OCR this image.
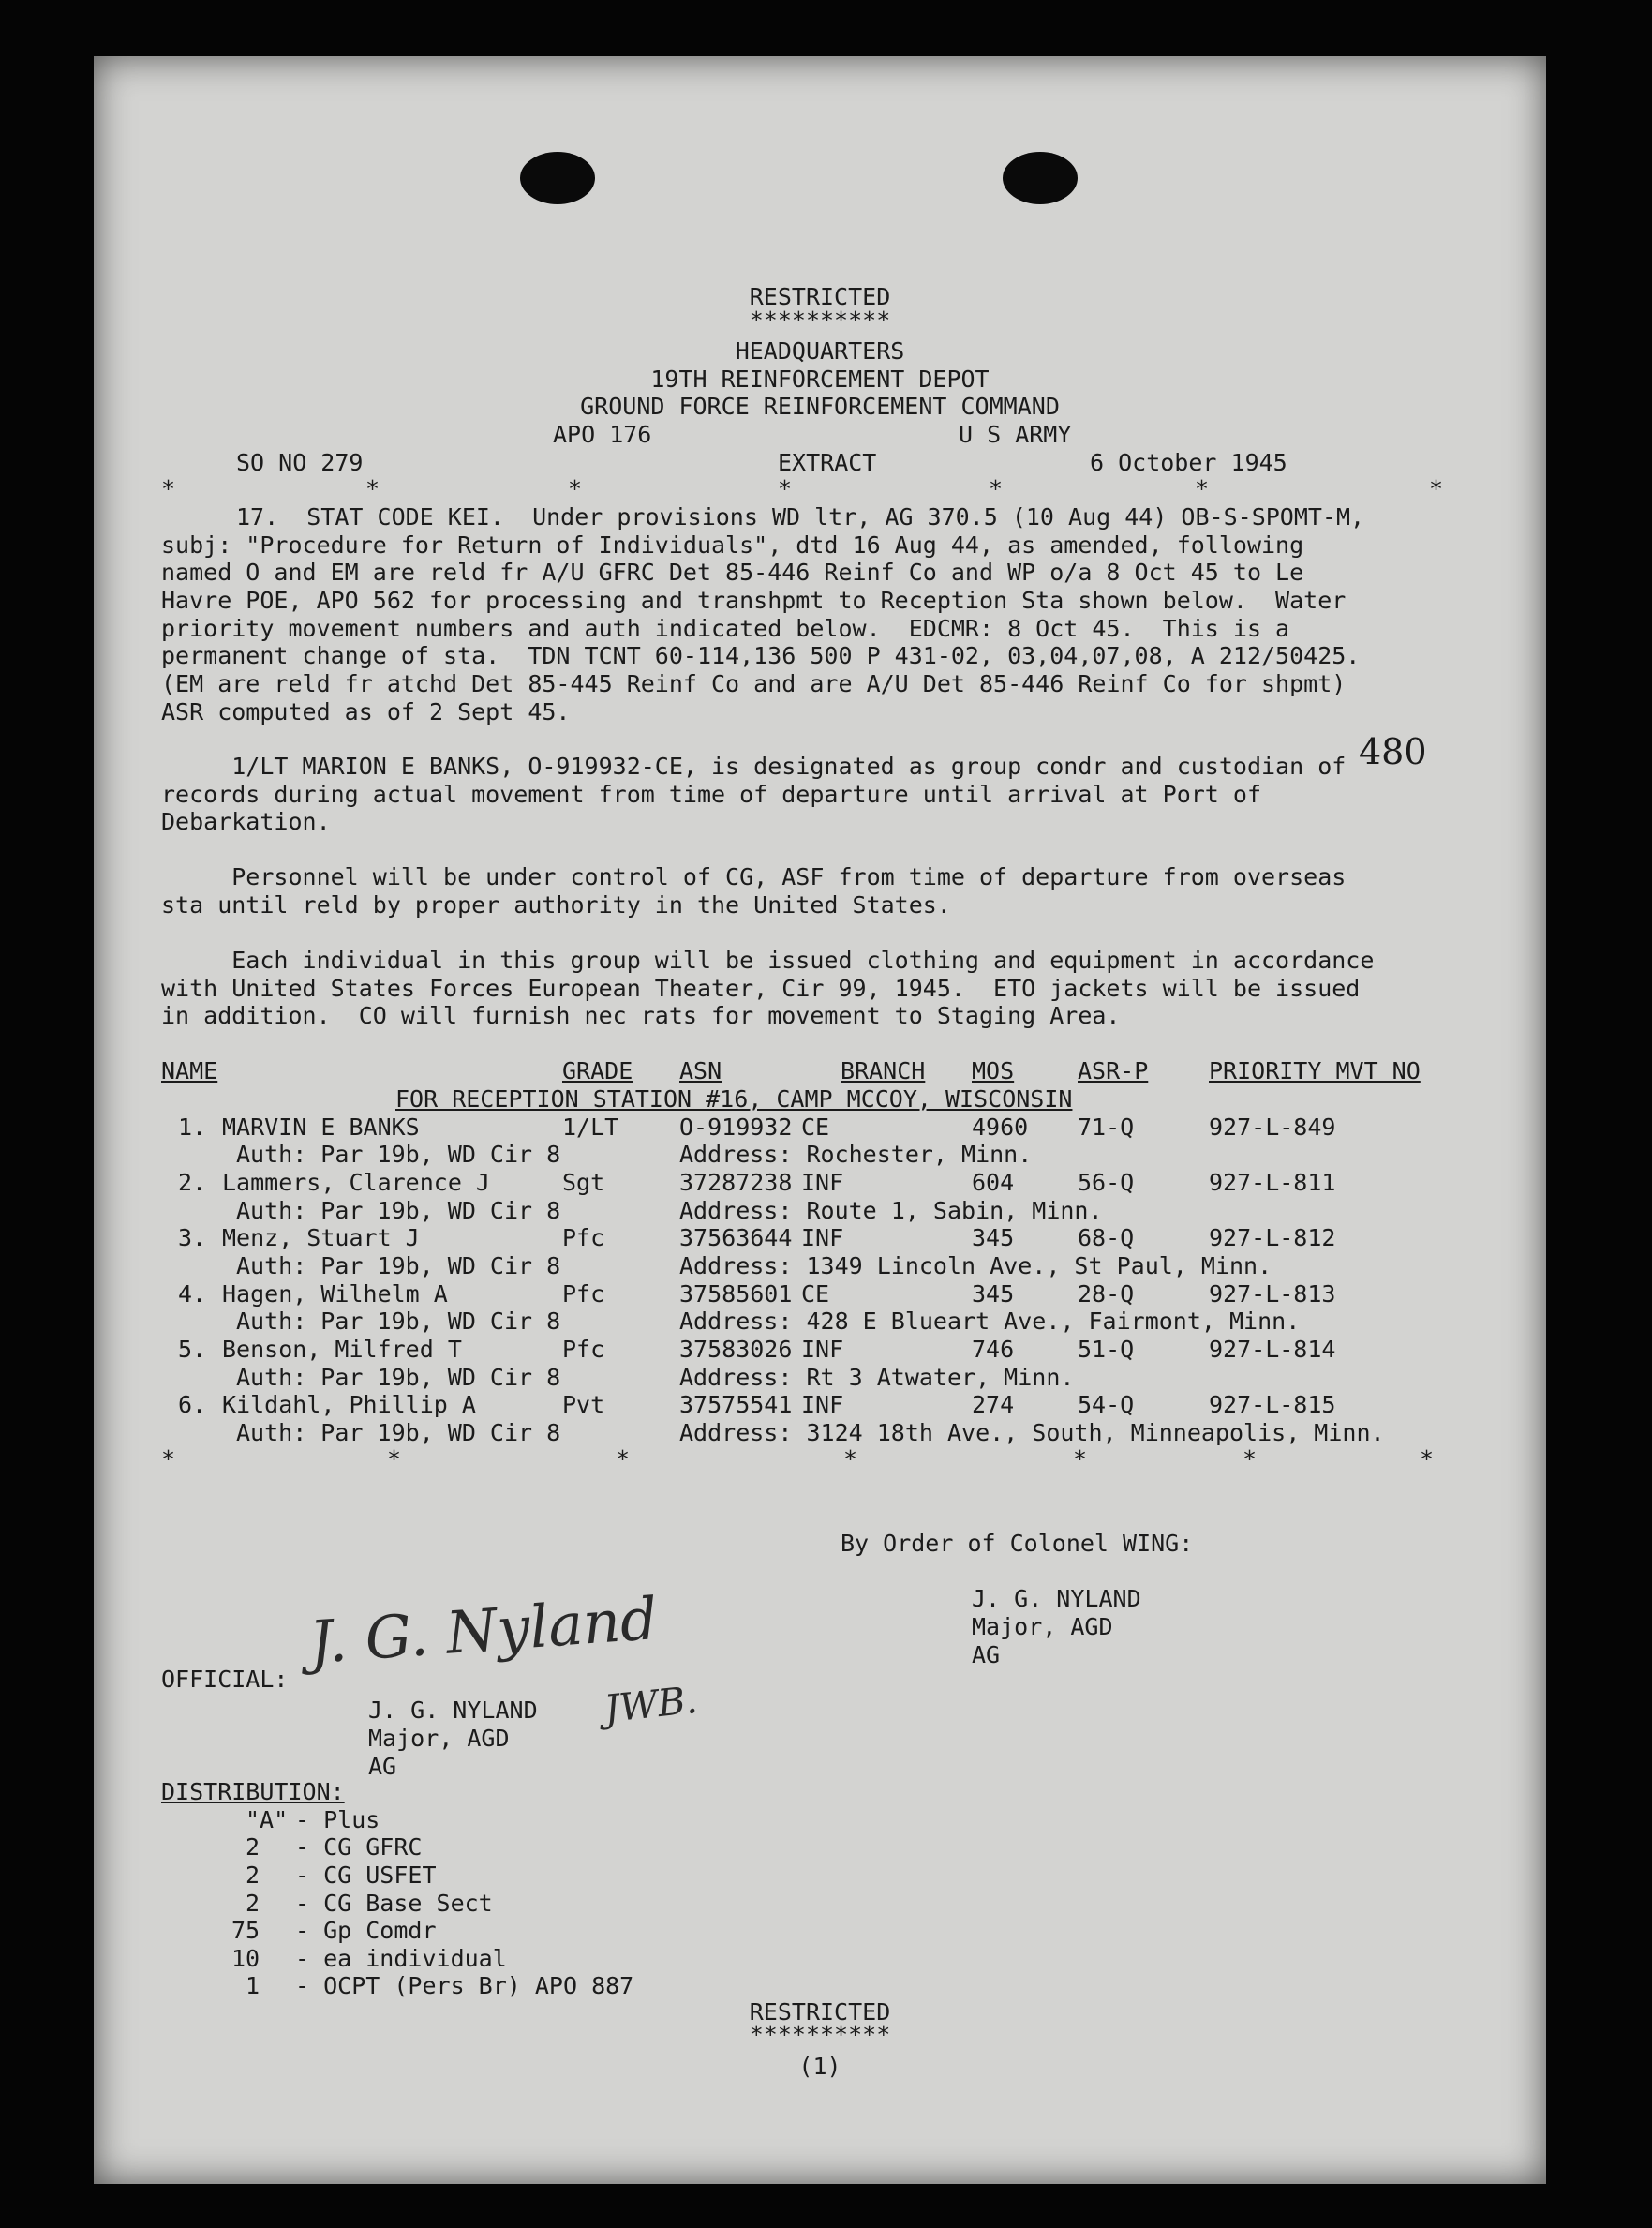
RESTRICTED
**********
HEADQUARTERS
19TH REINFORCEMENT DEPOT
GROUND FORCE REINFORCEMENT COMMAND
APO 176	U S ARMY
SO NO 279	EXTRACT	6 October 1945
*	*	*	*	*	*	*
17.  STAT CODE KEI.  Under provisions WD ltr, AG 370.5 (10 Aug 44) OB-S-SPOMT-M,
subj: "Procedure for Return of Individuals", dtd 16 Aug 44, as amended, following
named O and EM are reld fr A/U GFRC Det 85-446 Reinf Co and WP o/a 8 Oct 45 to Le
Havre POE, APO 562 for processing and transhpmt to Reception Sta shown below.  Water
priority movement numbers and auth indicated below.  EDCMR: 8 Oct 45.  This is a
permanent change of sta.  TDN TCNT 60-114,136 500 P 431-02, 03,04,07,08, A 212/50425.
(EM are reld fr atchd Det 85-445 Reinf Co and are A/U Det 85-446 Reinf Co for shpmt)
ASR computed as of 2 Sept 45.
1/LT MARION E BANKS, O-919932-CE, is designated as group condr and custodian of
records during actual movement from time of departure until arrival at Port of
Debarkation.
480
Personnel will be under control of CG, ASF from time of departure from overseas
sta until reld by proper authority in the United States.
Each individual in this group will be issued clothing and equipment in accordance
with United States Forces European Theater, Cir 99, 1945.  ETO jackets will be issued
in addition.  CO will furnish nec rats for movement to Staging Area.
NAME	GRADE ASN	BRANCH MOS	ASR-P	PRIORITY MVT NO
FOR RECEPTION STATION #16, CAMP MCCOY, WISCONSIN
1. MARVIN E BANKS	1/LT	O-919932 CE	4960 71-Q	927-L-849
Auth: Par 19b, WD Cir 8	Address: Rochester, Minn.
2. Lammers, Clarence J	Sgt	37287238 INF	604	56-Q	927-L-811
Auth: Par 19b, WD Cir 8	Address: Route 1, Sabin, Minn.
3. Menz, Stuart J	Pfc	37563644 INF	345	68-Q	927-L-812
Auth: Par 19b, WD Cir 8	Address: 1349 Lincoln Ave., St Paul, Minn.
4. Hagen, Wilhelm A	Pfc	37585601 CE	345	28-Q	927-L-813
Auth: Par 19b, WD Cir 8	Address: 428 E Blueart Ave., Fairmont, Minn.
5. Benson, Milfred T	Pfc	37583026 INF	746	51-Q	927-L-814
Auth: Par 19b, WD Cir 8	Address: Rt 3 Atwater, Minn.
6. Kildahl, Phillip A	Pvt	37575541 INF	274	54-Q	927-L-815
Auth: Par 19b, WD Cir 8	Address: 3124 18th Ave., South, Minneapolis, Minn.
*	*	*	*	*	*	*
By Order of Colonel WING:
J. G. NYLAND
Major, AGD
AG
OFFICIAL:
J. G. Nyland
JWB.
J. G. NYLAND
Major, AGD
AG
DISTRIBUTION:
"A" - Plus
2 - CG GFRC
2 - CG USFET
2 - CG Base Sect
75 - Gp Comdr
10 - ea individual
1 - OCPT (Pers Br) APO 887
RESTRICTED
**********
(1)
